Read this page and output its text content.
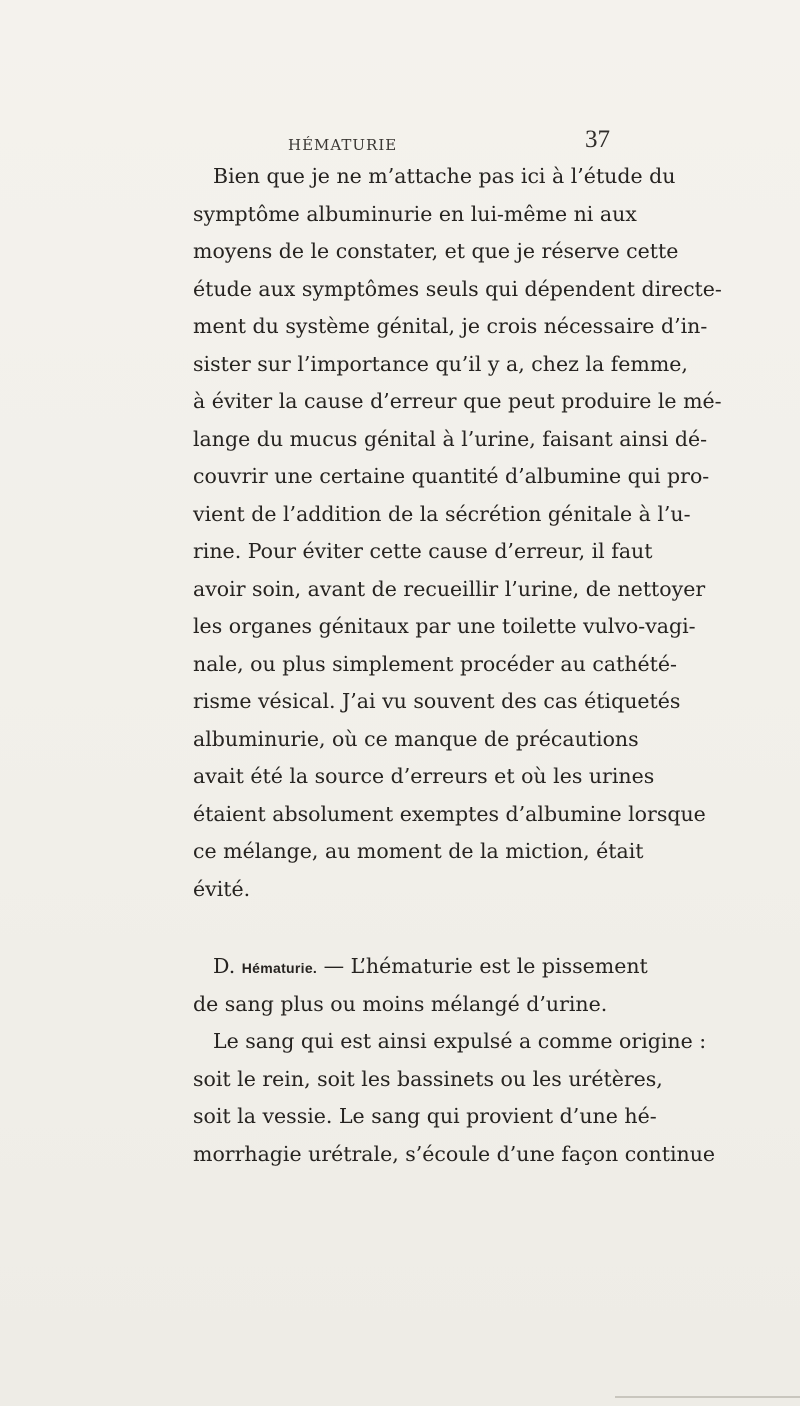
HÉMATURIE	37
Bien que je ne m’attache pas ici à l’étude du
symptôme albuminurie en lui-même ni aux
moyens de le constater, et que je réserve cette
étude aux symptômes seuls qui dépendent directe-
ment du système génital, je crois nécessaire d’in-
sister sur l’importance qu’il y a, chez la femme,
à éviter la cause d’erreur que peut produire le mé-
lange du mucus génital à l’urine, faisant ainsi dé-
couvrir une certaine quantité d’albumine qui pro-
vient de l’addition de la sécrétion génitale à l’u-
rine. Pour éviter cette cause d’erreur, il faut
avoir soin, avant de recueillir l’urine, de nettoyer
les organes génitaux par une toilette vulvo-vagi-
nale, ou plus simplement procéder au cathété-
risme vésical. J’ai vu souvent des cas étiquetés
albuminurie, où ce manque de précautions
avait été la source d’erreurs et où les urines
étaient absolument exemptes d’albumine lorsque
ce mélange, au moment de la miction, était
évité.
D. Hématurie. — L’hématurie est le pissement
de sang plus ou moins mélangé d’urine.
Le sang qui est ainsi expulsé a comme origine :
soit le rein, soit les bassinets ou les urétères,
soit la vessie. Le sang qui provient d’une hé-
morrhagie urétrale, s’écoule d’une façon continue
